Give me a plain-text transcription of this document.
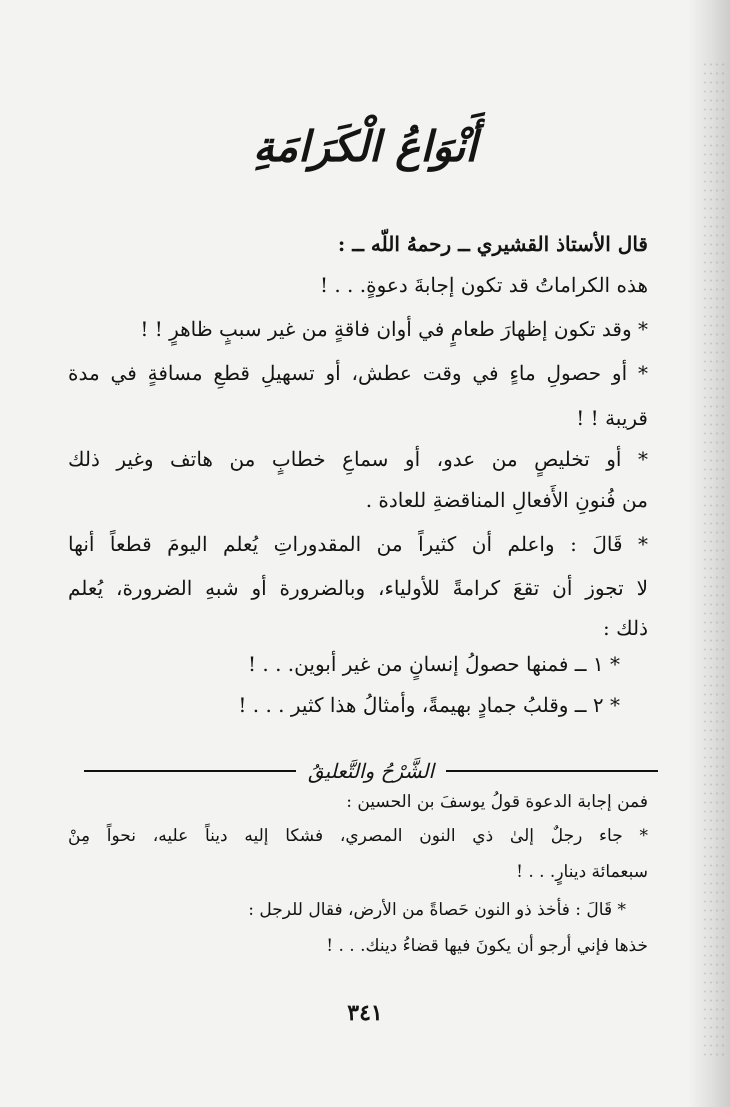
أَنْوَاعُ الْكَرَامَةِ
قال الأستاذ القشيري ــ رحمهُ اللّه ــ :
هذه الكراماتُ قد تكون إجابةَ دعوةٍ. . . !
* وقد تكون إظهارَ طعامٍ في أوان فاقةٍ من غير سببٍ ظاهرٍ ! !
* أو حصولِ ماءٍ في وقت عطش، أو تسهيلِ قطعِ مسافةٍ في مدة
قريبة ! !
* أو تخليصٍ من عدو، أو سماعِ خطابٍ من هاتف وغير ذلك
من فُنونِ الأَفعالِ المناقضةِ للعادة .
* قَالَ : واعلم أن كثيراً من المقدوراتِ يُعلم اليومَ قطعاً أنها
لا تجوز أن تقعَ كرامةً للأولياء، وبالضرورة أو شبهِ الضرورة، يُعلم
ذلك :
* ١ ــ فمنها حصولُ إنسانٍ من غير أبوين. . . !
* ٢ ــ وقلبُ جمادٍ بهيمةً، وأمثالُ هذا كثير . . . !
الشَّرْحُ والتَّعليقُ
فمن إجابة الدعوة قولُ يوسفَ بن الحسين :
* جاء رجلٌ إلىٰ ذي النون المصري، فشكا إليه ديناً عليه، نحواً مِنْ
سبعمائة دينارٍ. . . !
* قَالَ : فأخذ ذو النون حَصاةً من الأرض، فقال للرجل :
خذها فإني أرجو أن يكونَ فيها قضاءُ دينك. . . !
٣٤١
